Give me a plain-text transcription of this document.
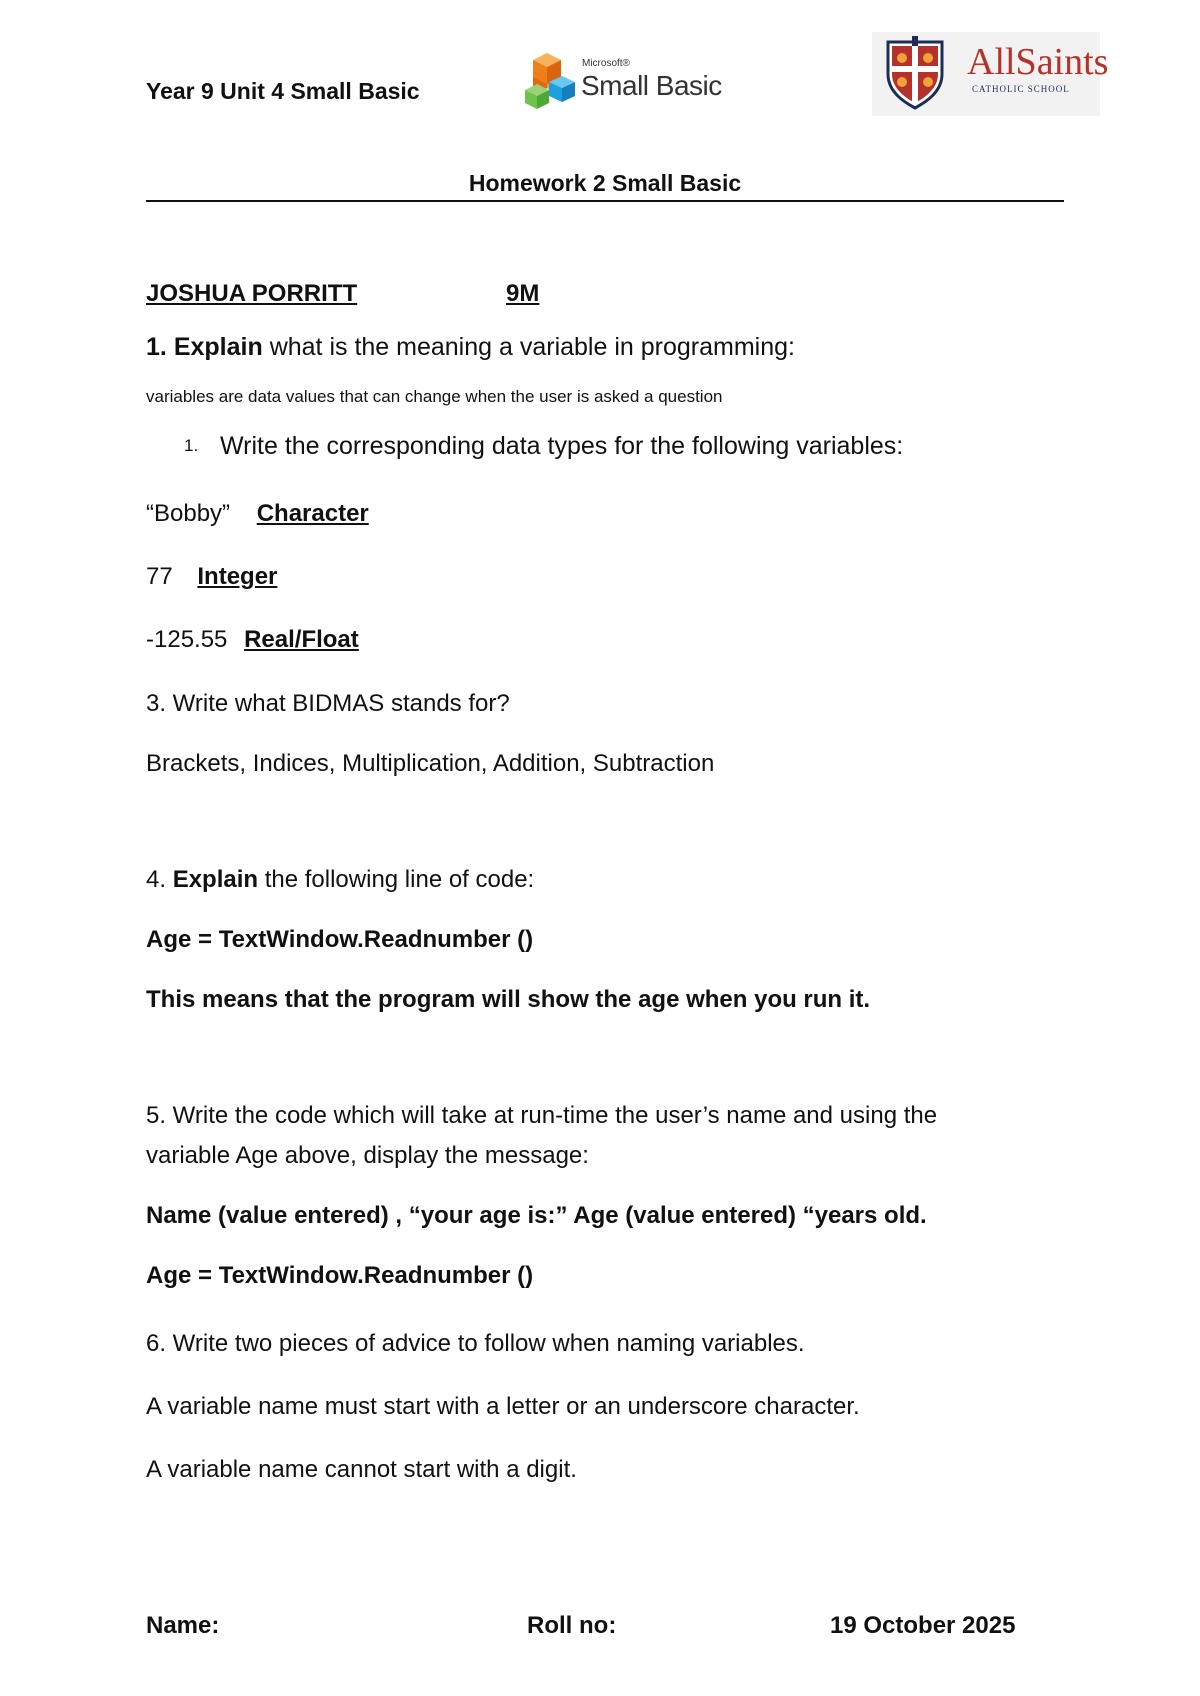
Year 9 Unit 4 Small Basic
Microsoft®
Small Basic
AllSaints
CATHOLIC SCHOOL
Homework 2 Small Basic
JOSHUA PORRITT	9M
1. Explain what is the meaning a variable in programming:
variables are data values that can change when the user is asked a question
1. Write the corresponding data types for the following variables:
“Bobby” Character
77 Integer
-125.55 Real/Float
3. Write what BIDMAS stands for?
Brackets, Indices, Multiplication, Addition, Subtraction
4. Explain the following line of code:
Age = TextWindow.Readnumber ()
This means that the program will show the age when you run it.
5. Write the code which will take at run-time the user’s name and using the
variable Age above, display the message:
Name (value entered) , “your age is:” Age (value entered) “years old.
Age = TextWindow.Readnumber ()
6. Write two pieces of advice to follow when naming variables.
A variable name must start with a letter or an underscore character.
A variable name cannot start with a digit.
Name:	Roll no:	19 October 2025
